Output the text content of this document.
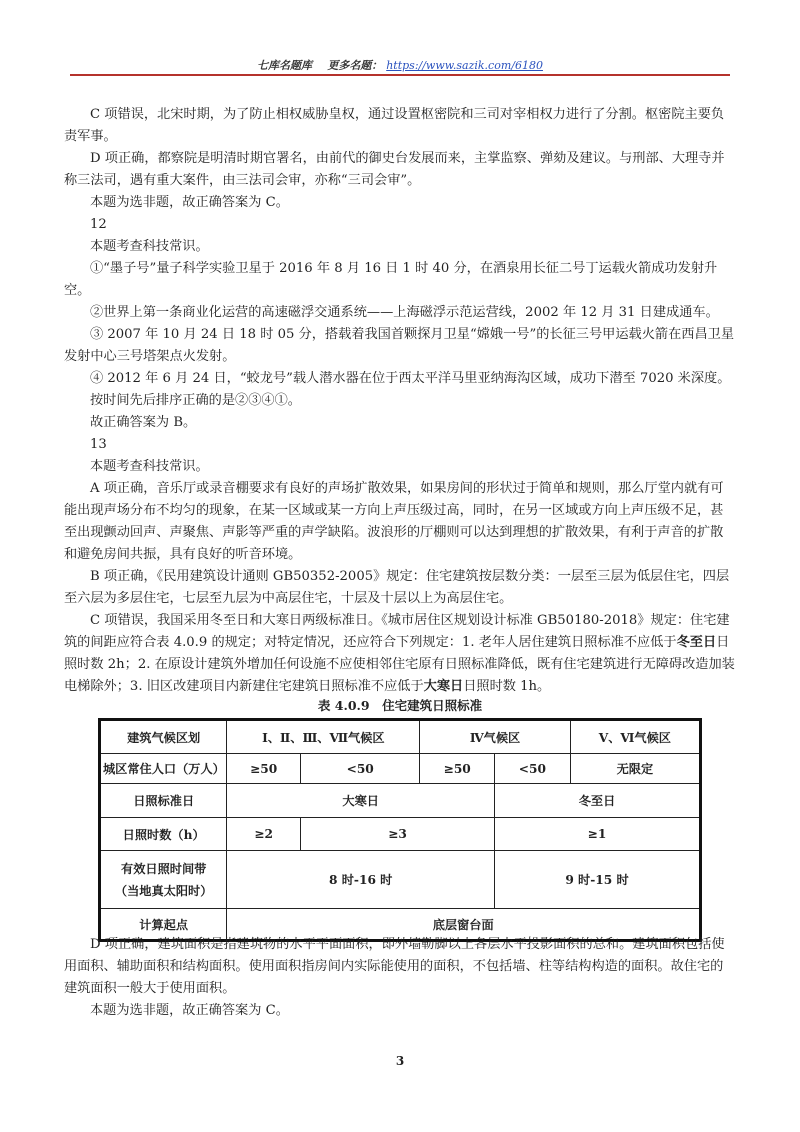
七库名题库 更多名题： https://www.sazik.com/6180

C 项错误，北宋时期，为了防止相权威胁皇权，通过设置枢密院和三司对宰相权力进行了分割。枢密院主要负责军事。

D 项正确，都察院是明清时期官署名，由前代的御史台发展而来，主掌监察、弹劾及建议。与刑部、大理寺并称三法司，遇有重大案件，由三法司会审，亦称“三司会审”。

本题为选非题，故正确答案为 C。

12

本题考查科技常识。

①“墨子号”量子科学实验卫星于 2016 年 8 月 16 日 1 时 40 分，在酒泉用长征二号丁运载火箭成功发射升空。

②世界上第一条商业化运营的高速磁浮交通系统——上海磁浮示范运营线，2002 年 12 月 31 日建成通车。

③ 2007 年 10 月 24 日 18 时 05 分，搭载着我国首颗探月卫星“嫦娥一号”的长征三号甲运载火箭在西昌卫星发射中心三号塔架点火发射。

④ 2012 年 6 月 24 日，“蛟龙号”载人潜水器在位于西太平洋马里亚纳海沟区域，成功下潜至 7020 米深度。

按时间先后排序正确的是②③④①。

故正确答案为 B。

13

本题考查科技常识。

A 项正确，音乐厅或录音棚要求有良好的声场扩散效果，如果房间的形状过于简单和规则，那么厅堂内就有可能出现声场分布不均匀的现象，在某一区域或某一方向上声压级过高，同时，在另一区域或方向上声压级不足，甚至出现颤动回声、声聚焦、声影等严重的声学缺陷。波浪形的厅棚则可以达到理想的扩散效果，有利于声音的扩散和避免房间共振，具有良好的听音环境。

B 项正确，《民用建筑设计通则 GB50352-2005》规定：住宅建筑按层数分类：一层至三层为低层住宅，四层至六层为多层住宅，七层至九层为中高层住宅，十层及十层以上为高层住宅。

C 项错误，我国采用冬至日和大寒日两级标准日。《城市居住区规划设计标准 GB50180-2018》规定：住宅建筑的间距应符合表 4.0.9 的规定；对特定情况，还应符合下列规定：1. 老年人居住建筑日照标准不应低于冬至日日照时数 2h；2. 在原设计建筑外增加任何设施不应使相邻住宅原有日照标准降低，既有住宅建筑进行无障碍改造加装电梯除外；3. 旧区改建项目内新建住宅建筑日照标准不应低于大寒日日照时数 1h。

表 4.0.9　住宅建筑日照标准
建筑气候区划	Ⅰ、Ⅱ、Ⅲ、Ⅶ气候区		Ⅳ气候区		Ⅴ、Ⅵ气候区
城区常住人口（万人）	≥50	<50	≥50	<50	无限定
日照标准日	大寒日			冬至日	
日照时数（h）	≥2	≥3		≥1	
有效日照时间带
（当地真太阳时）	8 时-16 时			9 时-15 时	
计算起点	底层窗台面				

D 项正确，建筑面积是指建筑物的水平平面面积，即外墙勒脚以上各层水平投影面积的总和。建筑面积包括使用面积、辅助面积和结构面积。使用面积指房间内实际能使用的面积，不包括墙、柱等结构构造的面积。故住宅的建筑面积一般大于使用面积。

本题为选非题，故正确答案为 C。

3
